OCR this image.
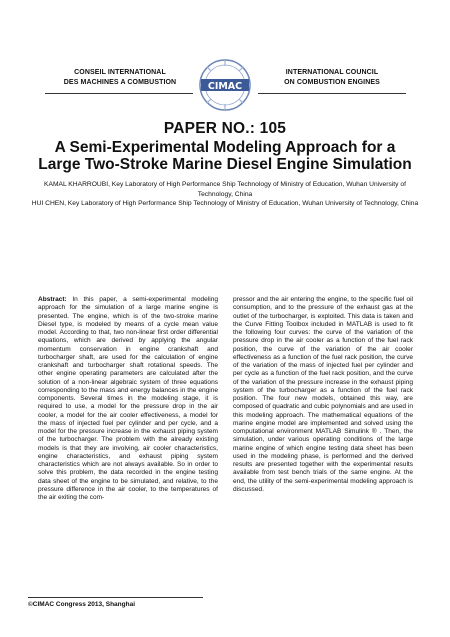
CONSEIL INTERNATIONAL
DES MACHINES A COMBUSTION	CIMAC
INTERNATIONAL COUNCIL
ON COMBUSTION ENGINES
PAPER NO.: 105
A Semi-Experimental Modeling Approach for a
Large Two-Stroke Marine Diesel Engine Simulation

KAMAL KHARROUBI, Key Laboratory of High Performance Ship Technology of Ministry of Education, Wuhan University of Technology, China

HUI CHEN, Key Laboratory of High Performance Ship Technology of Ministry of Education, Wuhan University of Technology, China

Abstract: In this paper, a semi-experimental modeling approach for the simulation of a large marine engine is presented. The engine, which is of the two-stroke marine Diesel type, is modeled by means of a cycle mean value model. According to that, two non-linear first order differential equations, which are derived by applying the angular momentum conservation in engine crankshaft and turbocharger shaft, are used for the calculation of engine crankshaft and turbocharger shaft rotational speeds. The other engine operating parameters are calculated after the solution of a non-linear algebraic system of three equations corresponding to the mass and energy balances in the engine components. Several times in the modeling stage, it is required to use, a model for the pressure drop in the air cooler, a model for the air cooler effectiveness, a model for the mass of injected fuel per cylinder and per cycle, and a model for the pressure increase in the exhaust piping system of the turbocharger. The problem with the already existing models is that they are involving, air cooler characteristics, engine characteristics, and exhaust piping system characteristics which are not always available. So in order to solve this problem, the data recorded in the engine testing data sheet of the engine to be simulated, and relative, to the pressure difference in the air cooler, to the temperatures of the air exiting the com-

pressor and the air entering the engine, to the specific fuel oil consumption, and to the pressure of the exhaust gas at the outlet of the turbocharger, is exploited. This data is taken and the Curve Fitting Toolbox included in MATLAB is used to fit the following four curves: the curve of the variation of the pressure drop in the air cooler as a function of the fuel rack position, the curve of the variation of the air cooler effectiveness as a function of the fuel rack position, the curve of the variation of the mass of injected fuel per cylinder and per cycle as a function of the fuel rack position, and the curve of the variation of the pressure increase in the exhaust piping system of the turbocharger as a function of the fuel rack position. The four new models, obtained this way, are composed of quadratic and cubic polynomials and are used in this modeling approach. The mathematical equations of the marine engine model are implemented and solved using the computational environment MATLAB Simulink ® . Then, the simulation, under various operating conditions of the large marine engine of which engine testing data sheet has been used in the modeling phase, is performed and the derived results are presented together with the experimental results available from test bench trials of the same engine. At the end, the utility of the semi-experimental modeling approach is discussed.

©CIMAC Congress 2013, Shanghai
